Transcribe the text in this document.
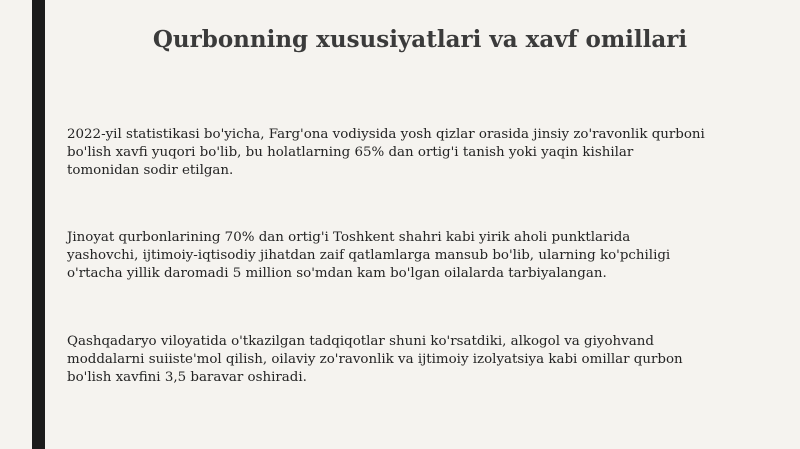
Qurbonning xususiyatlari va xavf omillari

2022-yil statistikasi bo'yicha, Farg'ona vodiysida yosh qizlar orasida jinsiy zo'ravonlik qurboni
bo'lish xavfi yuqori bo'lib, bu holatlarning 65% dan ortig'i tanish yoki yaqin kishilar
tomonidan sodir etilgan.

Jinoyat qurbonlarining 70% dan ortig'i Toshkent shahri kabi yirik aholi punktlarida
yashovchi, ijtimoiy-iqtisodiy jihatdan zaif qatlamlarga mansub bo'lib, ularning ko'pchiligi
o'rtacha yillik daromadi 5 million so'mdan kam bo'lgan oilalarda tarbiyalangan.

Qashqadaryo viloyatida o'tkazilgan tadqiqotlar shuni ko'rsatdiki, alkogol va giyohvand
moddalarni suiiste'mol qilish, oilaviy zo'ravonlik va ijtimoiy izolyatsiya kabi omillar qurbon
bo'lish xavfini 3,5 baravar oshiradi.
